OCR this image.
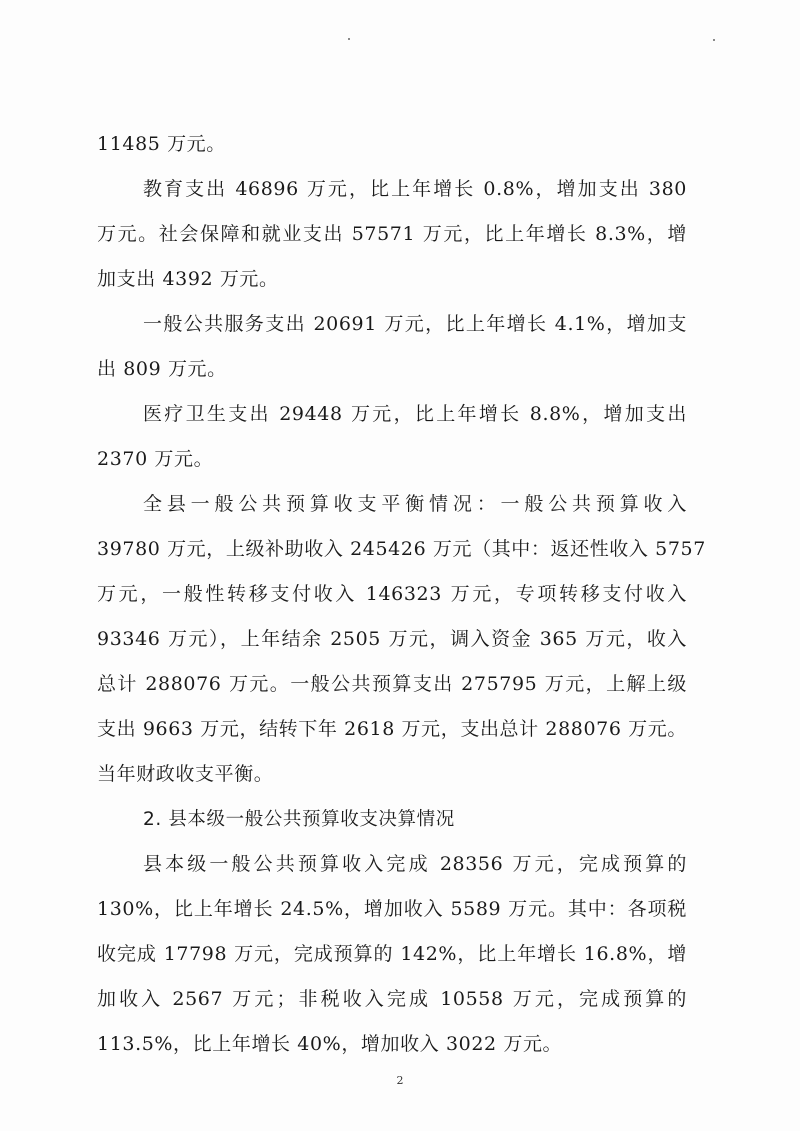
11485 万元。
教育支出 46896 万元，比上年增长 0.8%，增加支出 380
万元。社会保障和就业支出 57571 万元，比上年增长 8.3%，增
加支出 4392 万元。
一般公共服务支出 20691 万元，比上年增长 4.1%，增加支
出 809 万元。
医疗卫生支出 29448 万元，比上年增长 8.8%，增加支出
2370 万元。
全县一般公共预算收支平衡情况：一般公共预算收入
39780 万元，上级补助收入 245426 万元（其中：返还性收入 5757
万元，一般性转移支付收入 146323 万元，专项转移支付收入
93346 万元），上年结余 2505 万元，调入资金 365 万元，收入
总计 288076 万元。一般公共预算支出 275795 万元，上解上级
支出 9663 万元，结转下年 2618 万元，支出总计 288076 万元。
当年财政收支平衡。
2. 县本级一般公共预算收支决算情况
县本级一般公共预算收入完成 28356 万元，完成预算的
130%，比上年增长 24.5%，增加收入 5589 万元。其中：各项税
收完成 17798 万元，完成预算的 142%，比上年增长 16.8%，增
加收入 2567 万元；非税收入完成 10558 万元，完成预算的
113.5%，比上年增长 40%，增加收入 3022 万元。
2
